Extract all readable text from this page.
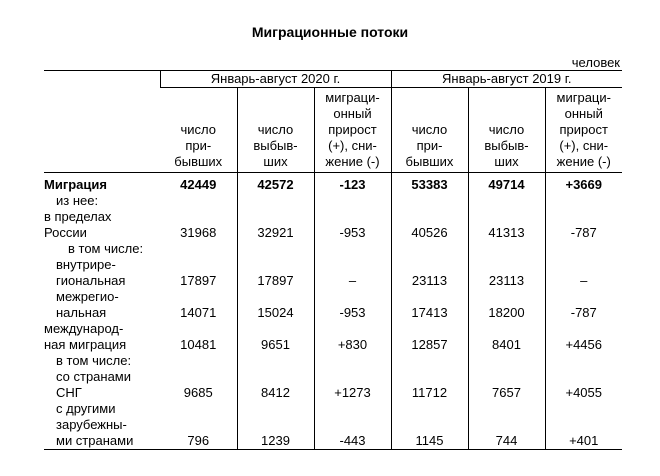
Миграционные потоки
человек
	Январь-август 2020 г.			Январь-август 2019 г.		

	число
при-
бывших	число
выбыв-
ших	миграци-
онный
прирост
(+), сни-
жение (-)	число
при-
бывших	число
выбыв-
ших	миграци-
онный
прирост
(+), сни-
жение (-)

Миграция	42449	42572	-123	53383	49714	+3669

из нее:
в пределах
России	31968	32921	-953	40526	41313	-787

в том числе:
внутрире-
гиональная	17897	17897	–	23113	23113	–

межрегио-
нальная	14071	15024	-953	17413	18200	-787

международ-
ная миграция	10481	9651	+830	12857	8401	+4456

в том числе:
со странами
СНГ	9685	8412	+1273	11712	7657	+4055

с другими
зарубежны-
ми странами	796	1239	-443	1145	744	+401
